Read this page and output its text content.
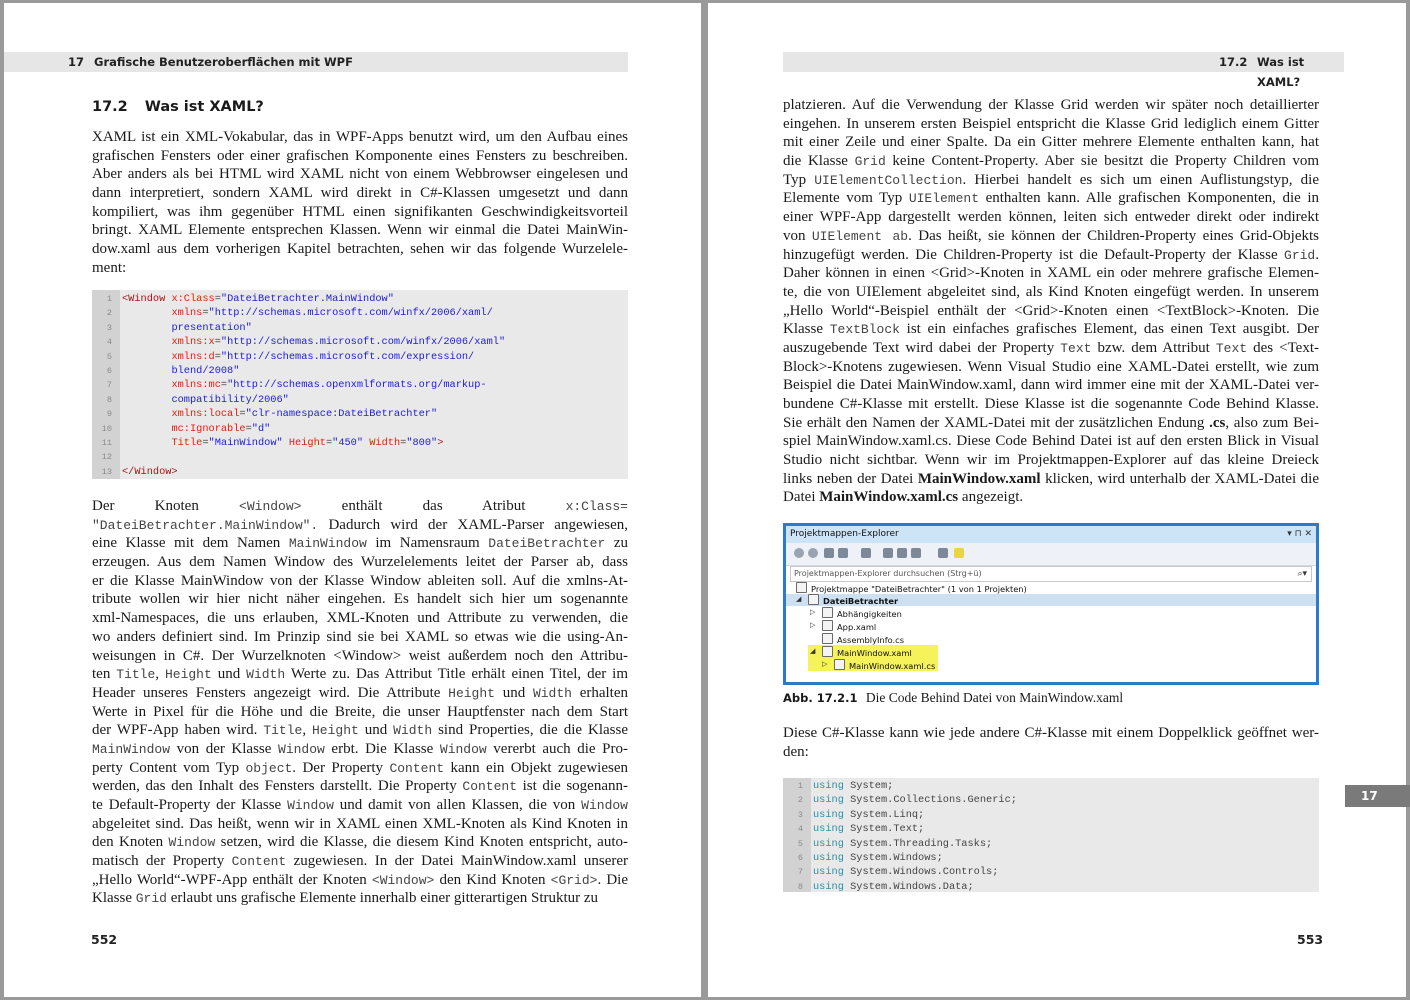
17 Grafische Benutzeroberflächen mit WPF
17.2 Was ist XAML?
XAML ist ein XML-Vokabular, das in WPF-Apps benutzt wird, um den Aufbau eines
grafischen Fensters oder einer grafischen Komponente eines Fensters zu beschreiben.
Aber anders als bei HTML wird XAML nicht von einem Webbrowser eingelesen und
dann interpretiert, sondern XAML wird direkt in C#-Klassen umgesetzt und dann
kompiliert, was ihm gegenüber HTML einen signifikanten Geschwindigkeitsvorteil
bringt. XAML Elemente entsprechen Klassen. Wenn wir einmal die Datei MainWin-
dow.xaml aus dem vorherigen Kapitel betrachten, sehen wir das folgende Wurzelele-
ment:
1 <Window x:Class="DateiBetrachter.MainWindow"
2	xmlns="http://schemas.microsoft.com/winfx/2006/xaml/
3	presentation"
4	xmlns:x="http://schemas.microsoft.com/winfx/2006/xaml"
5	xmlns:d="http://schemas.microsoft.com/expression/
6	blend/2008"
7	xmlns:mc="http://schemas.openxmlformats.org/markup-
8	compatibility/2006"
9	xmlns:local="clr-namespace:DateiBetrachter"
10	mc:Ignorable="d"
11	Title="MainWindow" Height="450" Width="800">
12
13 </Window>
Der Knoten <Window> enthält das Atribut x:Class=
"DateiBetrachter.MainWindow". Dadurch wird der XAML-Parser angewiesen,
eine Klasse mit dem Namen MainWindow im Namensraum DateiBetrachter zu
erzeugen. Aus dem Namen Window des Wurzelelements leitet der Parser ab, dass
er die Klasse MainWindow von der Klasse Window ableiten soll. Auf die xmlns-At-
tribute wollen wir hier nicht näher eingehen. Es handelt sich hier um sogenannte
xml-Namespaces, die uns erlauben, XML-Knoten und Attribute zu verwenden, die
wo anders definiert sind. Im Prinzip sind sie bei XAML so etwas wie die using-An-
weisungen in C#. Der Wurzelknoten <Window> weist außerdem noch den Attribu-
ten Title, Height und Width Werte zu. Das Attribut Title erhält einen Titel, der im
Header unseres Fensters angezeigt wird. Die Attribute Height und Width erhalten
Werte in Pixel für die Höhe und die Breite, die unser Hauptfenster nach dem Start
der WPF-App haben wird. Title, Height und Width sind Properties, die die Klasse
MainWindow von der Klasse Window erbt. Die Klasse Window vererbt auch die Pro-
perty Content vom Typ object. Der Property Content kann ein Objekt zugewiesen
werden, das den Inhalt des Fensters darstellt. Die Property Content ist die sogenann-
te Default-Property der Klasse Window und damit von allen Klassen, die von Window
abgeleitet sind. Das heißt, wenn wir in XAML einen XML-Knoten als Kind Knoten in
den Knoten Window setzen, wird die Klasse, die diesem Kind Knoten entspricht, auto-
matisch der Property Content zugewiesen. In der Datei MainWindow.xaml unserer
„Hello World“-WPF-App enthält der Knoten <Window> den Kind Knoten <Grid>. Die
Klasse Grid erlaubt uns grafische Elemente innerhalb einer gitterartigen Struktur zu
552
17.2 Was ist XAML?
platzieren. Auf die Verwendung der Klasse Grid werden wir später noch detaillierter
eingehen. In unserem ersten Beispiel entspricht die Klasse Grid lediglich einem Gitter
mit einer Zeile und einer Spalte. Da ein Gitter mehrere Elemente enthalten kann, hat
die Klasse Grid keine Content-Property. Aber sie besitzt die Property Children vom
Typ UIElementCollection. Hierbei handelt es sich um einen Auflistungstyp, die
Elemente vom Typ UIElement enthalten kann. Alle grafischen Komponenten, die in
einer WPF-App dargestellt werden können, leiten sich entweder direkt oder indirekt
von UIElement ab. Das heißt, sie können der Children-Property eines Grid-Objekts
hinzugefügt werden. Die Children-Property ist die Default-Property der Klasse Grid.
Daher können in einen <Grid>-Knoten in XAML ein oder mehrere grafische Elemen-
te, die von UIElement abgeleitet sind, als Kind Knoten eingefügt werden. In unserem
„Hello World“-Beispiel enthält der <Grid>-Knoten einen <TextBlock>-Knoten. Die
Klasse TextBlock ist ein einfaches grafisches Element, das einen Text ausgibt. Der
auszugebende Text wird dabei der Property Text bzw. dem Attribut Text des <Text-
Block>-Knotens zugewiesen. Wenn Visual Studio eine XAML-Datei erstellt, wie zum
Beispiel die Datei MainWindow.xaml, dann wird immer eine mit der XAML-Datei ver-
bundene C#-Klasse mit erstellt. Diese Klasse ist die sogenannte Code Behind Klasse.
Sie erhält den Namen der XAML-Datei mit der zusätzlichen Endung .cs, also zum Bei-
spiel MainWindow.xaml.cs. Diese Code Behind Datei ist auf den ersten Blick in Visual
Studio nicht sichtbar. Wenn wir im Projektmappen-Explorer auf das kleine Dreieck
links neben der Datei MainWindow.xaml klicken, wird unterhalb der XAML-Datei die
Datei MainWindow.xaml.cs angezeigt.
Projektmappen-Explorer	▾ ⊓ ✕
Projektmappen-Explorer durchsuchen (Strg+ü)	⌕▾
Projektmappe "DateiBetrachter" (1 von 1 Projekten)
◢	DateiBetrachter
▷	Abhängigkeiten
▷	App.xaml
AssemblyInfo.cs
◢	MainWindow.xaml
▷	MainWindow.xaml.cs
Abb. 17.2.1 Die Code Behind Datei von MainWindow.xaml
Diese C#-Klasse kann wie jede andere C#-Klasse mit einem Doppelklick geöffnet wer-
den:
1 using System;
2 using System.Collections.Generic;
3 using System.Linq;
4 using System.Text;
5 using System.Threading.Tasks;
6 using System.Windows;
7 using System.Windows.Controls;
8 using System.Windows.Data;
17
553
